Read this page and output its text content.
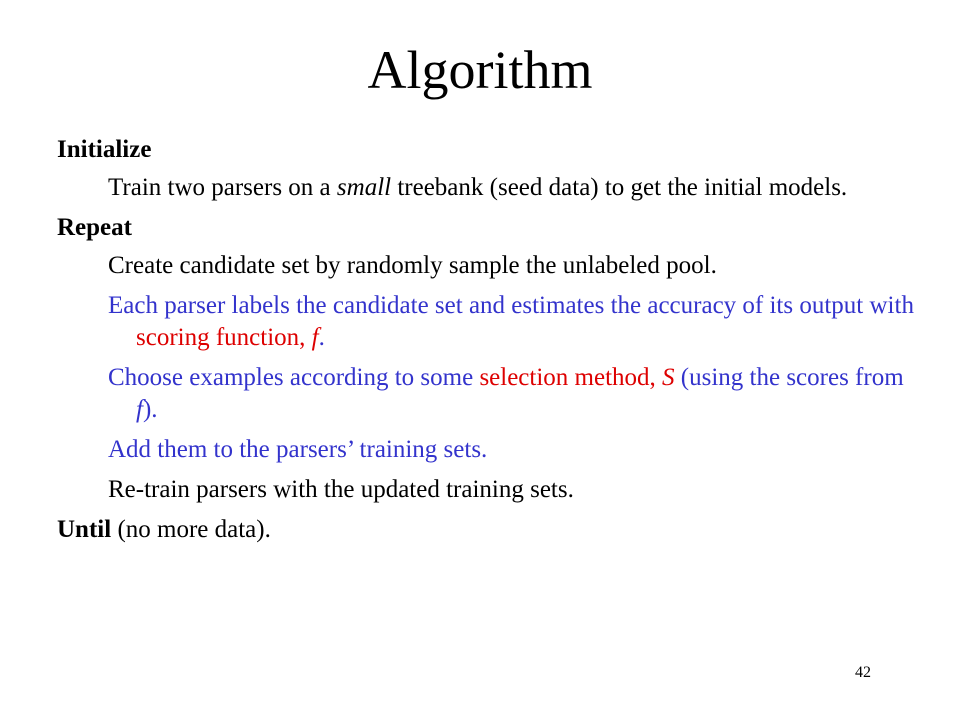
Algorithm
Initialize
Train two parsers on a small treebank (seed data) to get the initial models.
Repeat
Create candidate set by randomly sample the unlabeled pool.
Each parser labels the candidate set and estimates the accuracy of its output with scoring function, f.
Choose examples according to some selection method, S (using the scores from f).
Add them to the parsers’ training sets.
Re-train parsers with the updated training sets.
Until (no more data).
42
